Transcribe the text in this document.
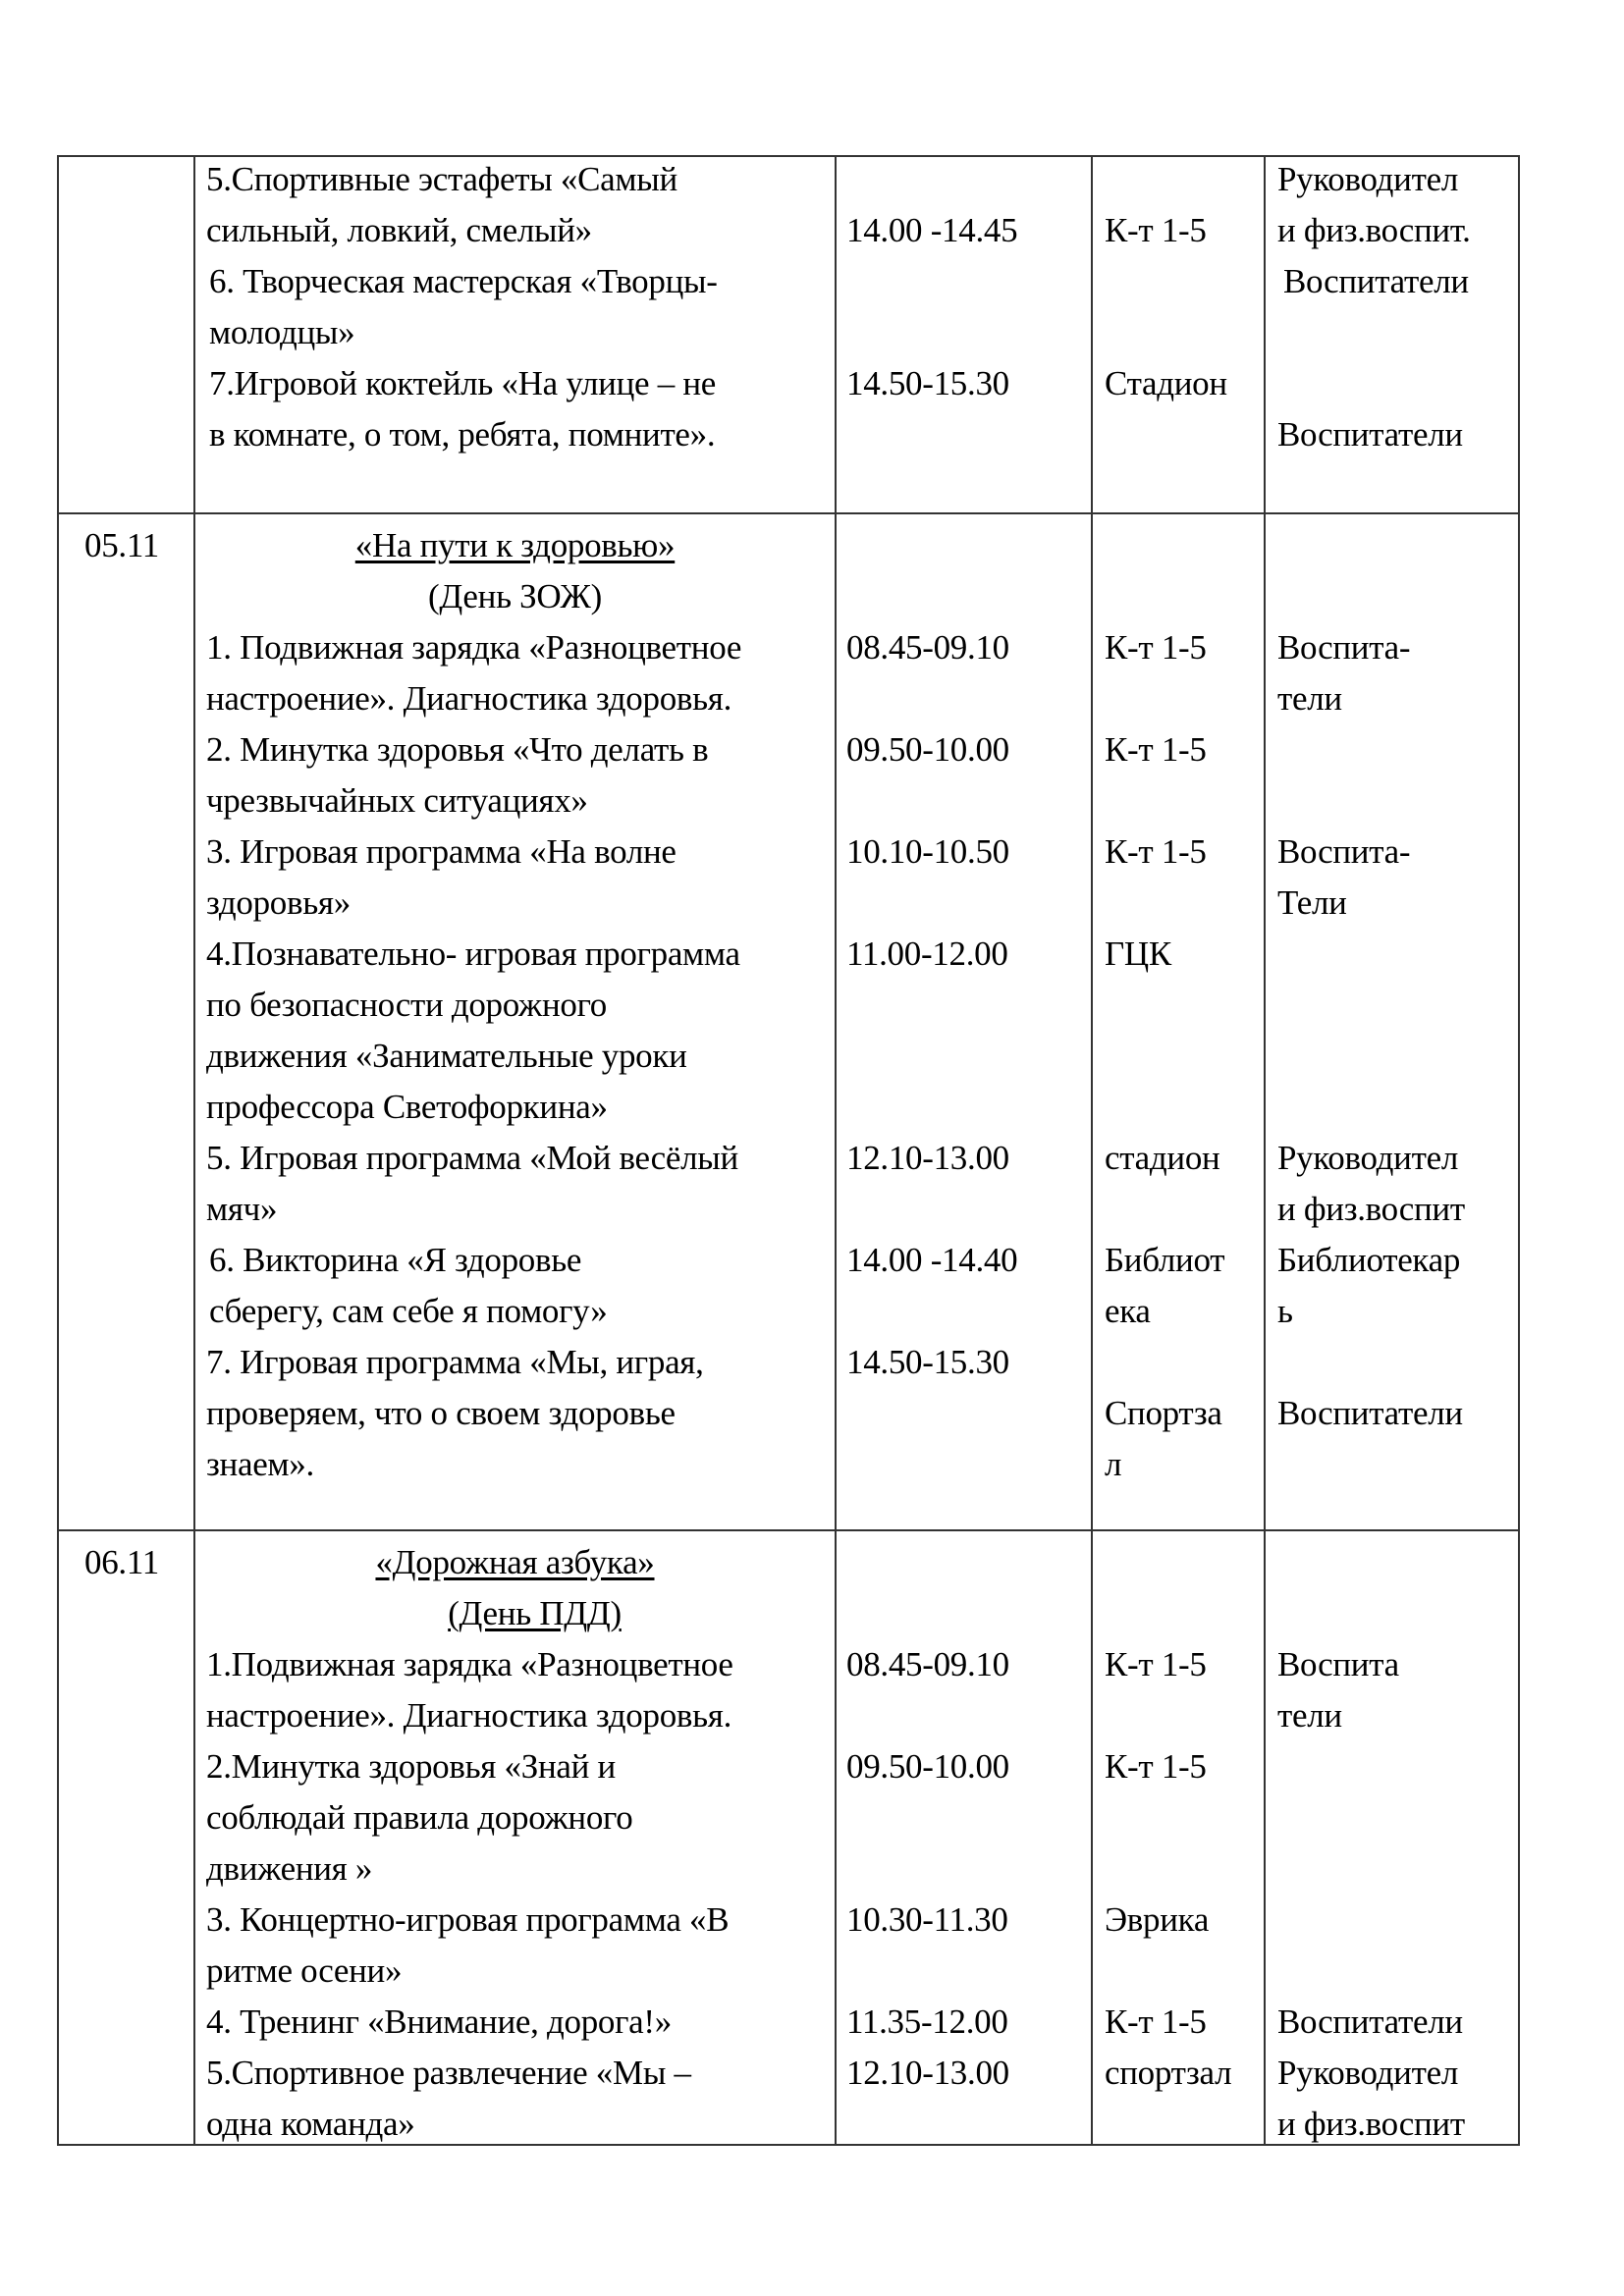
5.Спортивные эстафеты «Самый
сильный, ловкий, смелый»
6. Творческая мастерская «Творцы-
молодцы»
7.Игровой коктейль «На улице – не
в комнате, о том, ребята, помните».
14.00 -14.45
14.50-15.30
К-т 1-5
Стадион
Руководител
и физ.воспит.
Воспитатели
Воспитатели
05.11	«На пути к здоровью»
(День ЗОЖ)
1. Подвижная зарядка «Разноцветное
настроение». Диагностика здоровья.
2. Минутка здоровья «Что делать в
чрезвычайных ситуациях»
3. Игровая программа «На волне
здоровья»
4.Познавательно- игровая программа
по безопасности дорожного
движения «Занимательные уроки
профессора Светофоркина»
5. Игровая программа «Мой весёлый
мяч»
6. Викторина «Я здоровье
сберегу, сам себе я помогу»
7. Игровая программа «Мы, играя,
проверяем, что о своем здоровье
знаем».
08.45-09.10
09.50-10.00
10.10-10.50
11.00-12.00
12.10-13.00
14.00 -14.40
14.50-15.30
К-т 1-5
К-т 1-5
К-т 1-5
ГЦК
стадион
Библиот
ека
Спортза
л
Воспита-
тели
Воспита-
Тели
Руководител
и физ.воспит
Библиотекар
ь
Воспитатели
06.11	«Дорожная азбука»
(День ПДД)
1.Подвижная зарядка «Разноцветное
настроение». Диагностика здоровья.
2.Минутка здоровья «Знай и
соблюдай правила дорожного
движения »
3. Концертно-игровая программа «В
ритме осени»
4. Тренинг «Внимание, дорога!»
5.Спортивное развлечение «Мы –
одна команда»
08.45-09.10
09.50-10.00
10.30-11.30
11.35-12.00
12.10-13.00
К-т 1-5
К-т 1-5
Эврика
К-т 1-5
спортзал
Воспита
тели
Воспитатели
Руководител
и физ.воспит
